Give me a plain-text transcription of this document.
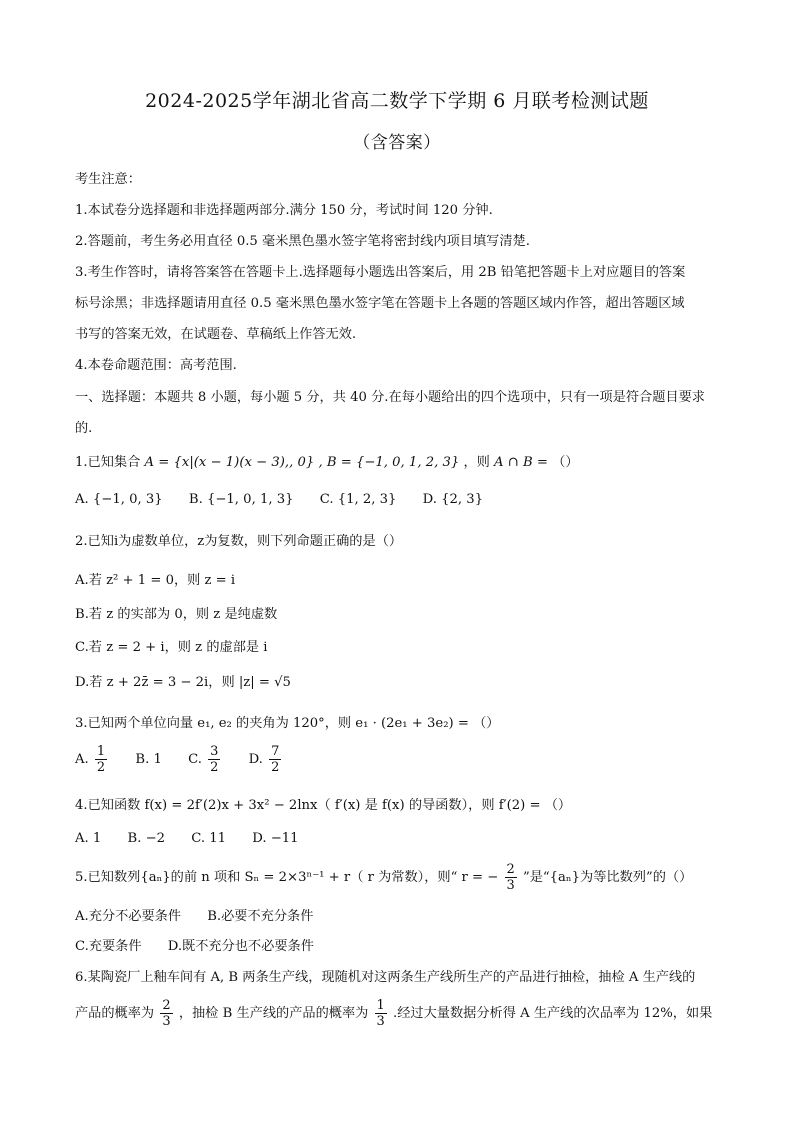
2024-2025学年湖北省高二数学下学期 6 月联考检测试题
（含答案）
考生注意：
1.本试卷分选择题和非选择题两部分.满分 150 分，考试时间 120 分钟.
2.答题前，考生务必用直径 0.5 毫米黑色墨水签字笔将密封线内项目填写清楚.
3.考生作答时，请将答案答在答题卡上.选择题每小题选出答案后，用 2B 铅笔把答题卡上对应题目的答案
标号涂黑；非选择题请用直径 0.5 毫米黑色墨水签字笔在答题卡上各题的答题区域内作答，超出答题区域
书写的答案无效，在试题卷、草稿纸上作答无效.
4.本卷命题范围：高考范围.
一、选择题：本题共 8 小题，每小题 5 分，共 40 分.在每小题给出的四个选项中，只有一项是符合题目要求
的.
1.已知集合 A = {x|(x − 1)(x − 3),, 0} , B = {−1, 0, 1, 2, 3} ，则 A ∩ B = （）
A. {−1, 0, 3} B. {−1, 0, 1, 3} C. {1, 2, 3} D. {2, 3}
2.已知i为虚数单位，z为复数，则下列命题正确的是（）
A.若 z² + 1 = 0，则 z = i
B.若 z 的实部为 0，则 z 是纯虚数
C.若 z = 2 + i，则 z 的虚部是 i
D.若 z + 2z̄ = 3 − 2i，则 |z| = √5
3.已知两个单位向量 e₁, e₂ 的夹角为 120°，则 e₁ · (2e₁ + 3e₂) = （）
A. $\frac{1}{2} B$. 1 C. $\frac{3}{2} D$. $\frac{7}{2}$
4.已知函数 f(x) = 2f′(2)x + 3x² − 2lnx（ f′(x) 是 f(x) 的导函数），则 f′(2) = （）
A. 1 B. −2 C. 11 D. −11
5.已知数列{aₙ}的前 n 项和 Sₙ = 2×3ⁿ⁻¹ + r（ r 为常数），则“ r = − $\frac{2}{3}$ ”是“{aₙ}为等比数列”的（）
A.充分不必要条件 B.必要不充分条件
C.充要条件 D.既不充分也不必要条件
6.某陶瓷厂上釉车间有 A, B 两条生产线，现随机对这两条生产线所生产的产品进行抽检，抽检 A 生产线的
产品的概率为 $\frac{2}{3}$ ，抽检 B 生产线的产品的概率为 $\frac{1}{3}$ .经过大量数据分析得 A 生产线的次品率为 12%，如果
